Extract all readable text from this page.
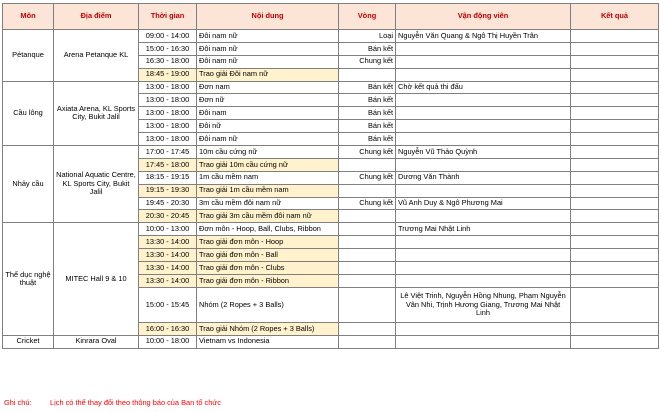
Môn	Địa điểm	Thời gian	Nội dung	Vòng	Vận động viên	Kết quả
Pétanque	Arena Petanque KL	09:00 - 14:00	Đôi nam nữ	Loại	Nguyễn Văn Quang & Ngô Thị Huyền Trân	
		15:00 - 16:30	Đôi nam nữ	Bán kết		
		16:30 - 18:00	Đôi nam nữ	Chung kết		
		18:45 - 19:00	Trao giải Đôi nam nữ			
Cầu lông	Axiata Arena, KL Sports City, Bukit Jalil	13:00 - 18:00	Đơn nam	Bán kết	Chờ kết quả thi đấu	
		13:00 - 18:00	Đơn nữ	Bán kết		
		13:00 - 18:00	Đôi nam	Bán kết		
		13:00 - 18:00	Đôi nữ	Bán kết		
		13:00 - 18:00	Đôi nam nữ	Bán kết		
Nhảy cầu	National Aquatic Centre, KL Sports City, Bukit Jalil	17:00 - 17:45	10m cầu cứng nữ	Chung kết	Nguyễn Vũ Thảo Quỳnh	
		17:45 - 18:00	Trao giải 10m cầu cứng nữ			
		18:15 - 19:15	1m cầu mềm nam	Chung kết	Dương Văn Thành	
		19:15 - 19:30	Trao giải 1m cầu mềm nam			
		19:45 - 20:30	3m cầu mềm đôi nam nữ	Chung kết	Vũ Anh Duy & Ngô Phương Mai	
		20:30 - 20:45	Trao giải 3m cầu mềm đôi nam nữ			
Thể dục nghệ thuật	MITEC Hall 9 & 10	10:00 - 13:00	Đơn môn - Hoop, Ball, Clubs, Ribbon		Trương Mai Nhật Linh	
		13:30 - 14:00	Trao giải đơn môn - Hoop			
		13:30 - 14:00	Trao giải đơn môn - Ball			
		13:30 - 14:00	Trao giải đơn môn - Clubs			
		13:30 - 14:00	Trao giải đơn môn - Ribbon			
		15:00 - 15:45	Nhóm (2 Ropes + 3 Balls)		Lê Việt Trinh, Nguyễn Hồng Nhung, Phạm Nguyễn Vân Nhi, Trịnh Hương Giang, Trương Mai Nhật Linh	
		16:00 - 16:30	Trao giải Nhóm (2 Ropes + 3 Balls)			
Cricket	Kinrara Oval	10:00 - 18:00	Vietnam vs Indonesia			
Ghi chú: Lịch có thể thay đổi theo thông báo của Ban tổ chức
